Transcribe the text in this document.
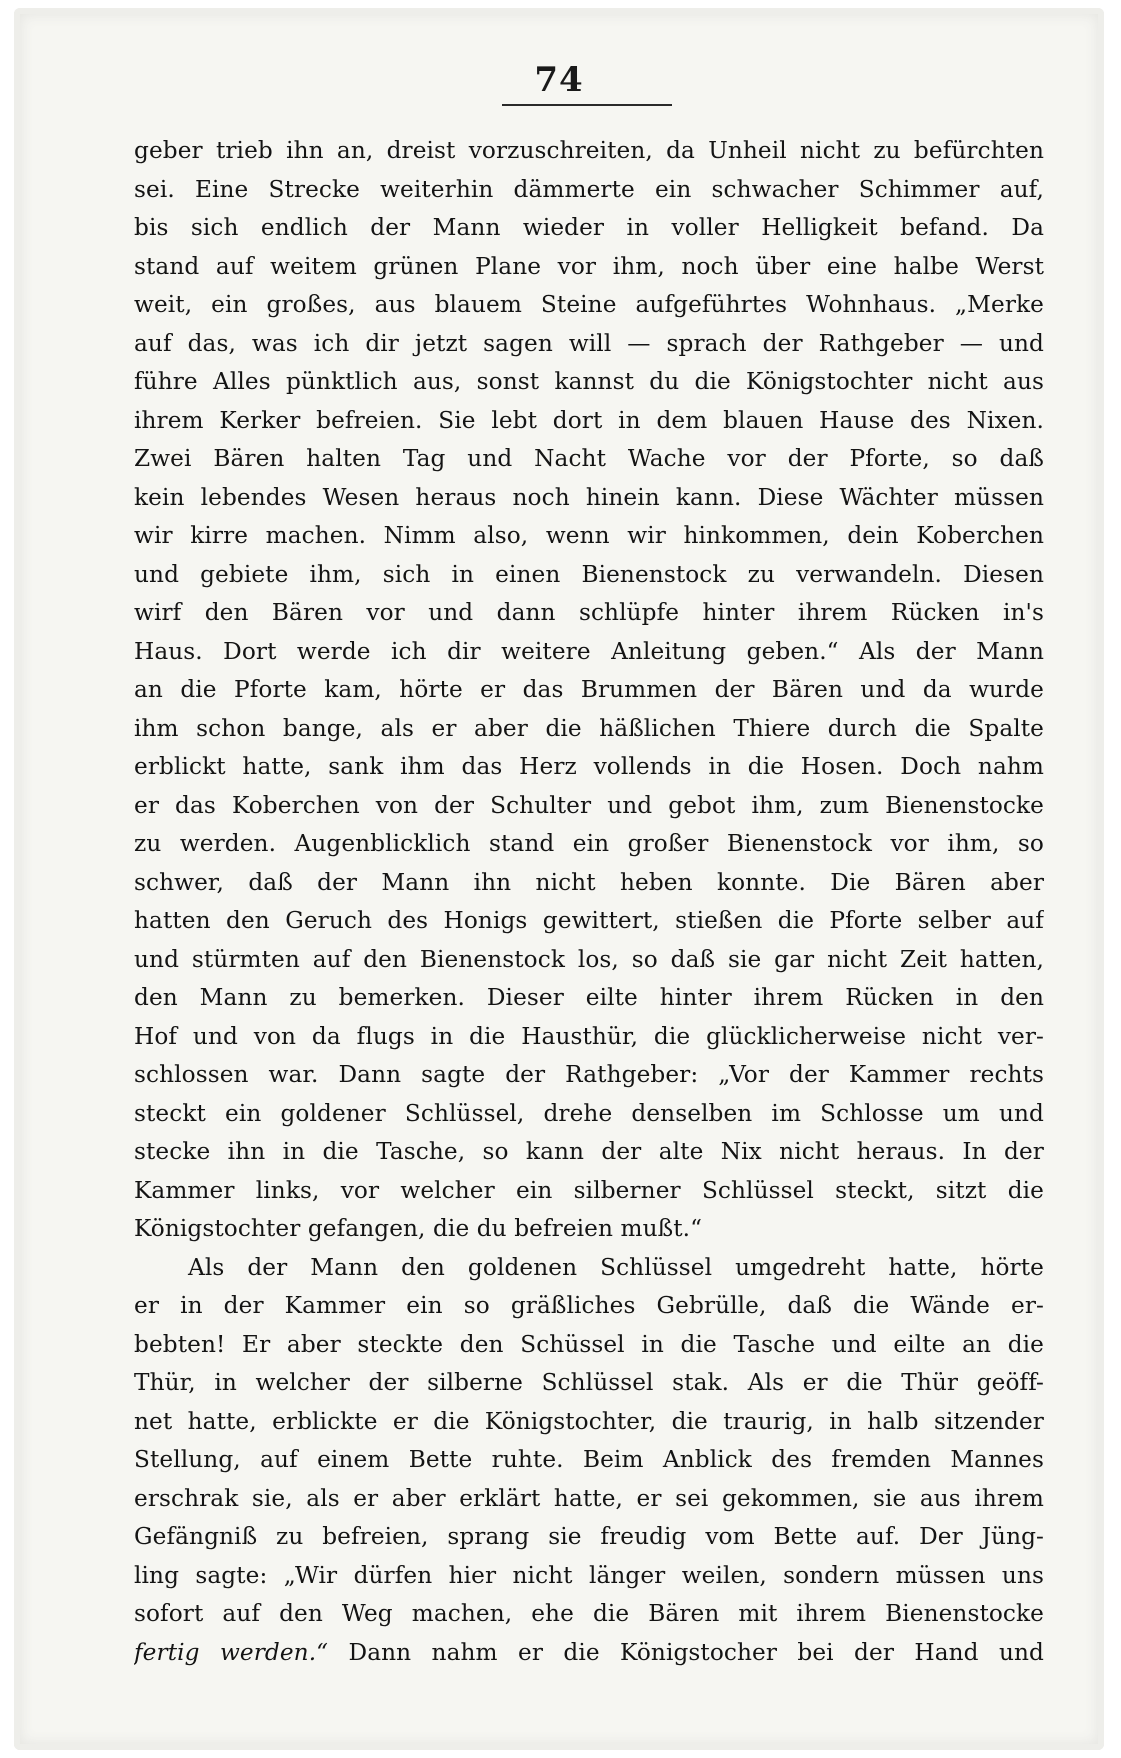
74
geber trieb ihn an, dreist vorzuschreiten, da Unheil nicht zu befürchten
sei. Eine Strecke weiterhin dämmerte ein schwacher Schimmer auf,
bis sich endlich der Mann wieder in voller Helligkeit befand. Da
stand auf weitem grünen Plane vor ihm, noch über eine halbe Werst
weit, ein großes, aus blauem Steine aufgeführtes Wohnhaus. „Merke
auf das, was ich dir jetzt sagen will — sprach der Rathgeber — und
führe Alles pünktlich aus, sonst kannst du die Königstochter nicht aus
ihrem Kerker befreien. Sie lebt dort in dem blauen Hause des Nixen.
Zwei Bären halten Tag und Nacht Wache vor der Pforte, so daß
kein lebendes Wesen heraus noch hinein kann. Diese Wächter müssen
wir kirre machen. Nimm also, wenn wir hinkommen, dein Koberchen
und gebiete ihm, sich in einen Bienenstock zu verwandeln. Diesen
wirf den Bären vor und dann schlüpfe hinter ihrem Rücken in's
Haus. Dort werde ich dir weitere Anleitung geben.“ Als der Mann
an die Pforte kam, hörte er das Brummen der Bären und da wurde
ihm schon bange, als er aber die häßlichen Thiere durch die Spalte
erblickt hatte, sank ihm das Herz vollends in die Hosen. Doch nahm
er das Koberchen von der Schulter und gebot ihm, zum Bienenstocke
zu werden. Augenblicklich stand ein großer Bienenstock vor ihm, so
schwer, daß der Mann ihn nicht heben konnte. Die Bären aber
hatten den Geruch des Honigs gewittert, stießen die Pforte selber auf
und stürmten auf den Bienenstock los, so daß sie gar nicht Zeit hatten,
den Mann zu bemerken. Dieser eilte hinter ihrem Rücken in den
Hof und von da flugs in die Hausthür, die glücklicherweise nicht ver-
schlossen war. Dann sagte der Rathgeber: „Vor der Kammer rechts
steckt ein goldener Schlüssel, drehe denselben im Schlosse um und
stecke ihn in die Tasche, so kann der alte Nix nicht heraus. In der
Kammer links, vor welcher ein silberner Schlüssel steckt, sitzt die
Königstochter gefangen, die du befreien mußt.“
Als der Mann den goldenen Schlüssel umgedreht hatte, hörte
er in der Kammer ein so gräßliches Gebrülle, daß die Wände er-
bebten! Er aber steckte den Schüssel in die Tasche und eilte an die
Thür, in welcher der silberne Schlüssel stak. Als er die Thür geöff-
net hatte, erblickte er die Königstochter, die traurig, in halb sitzender
Stellung, auf einem Bette ruhte. Beim Anblick des fremden Mannes
erschrak sie, als er aber erklärt hatte, er sei gekommen, sie aus ihrem
Gefängniß zu befreien, sprang sie freudig vom Bette auf. Der Jüng-
ling sagte: „Wir dürfen hier nicht länger weilen, sondern müssen uns
sofort auf den Weg machen, ehe die Bären mit ihrem Bienenstocke
fertig werden.“ Dann nahm er die Königstocher bei der Hand und
